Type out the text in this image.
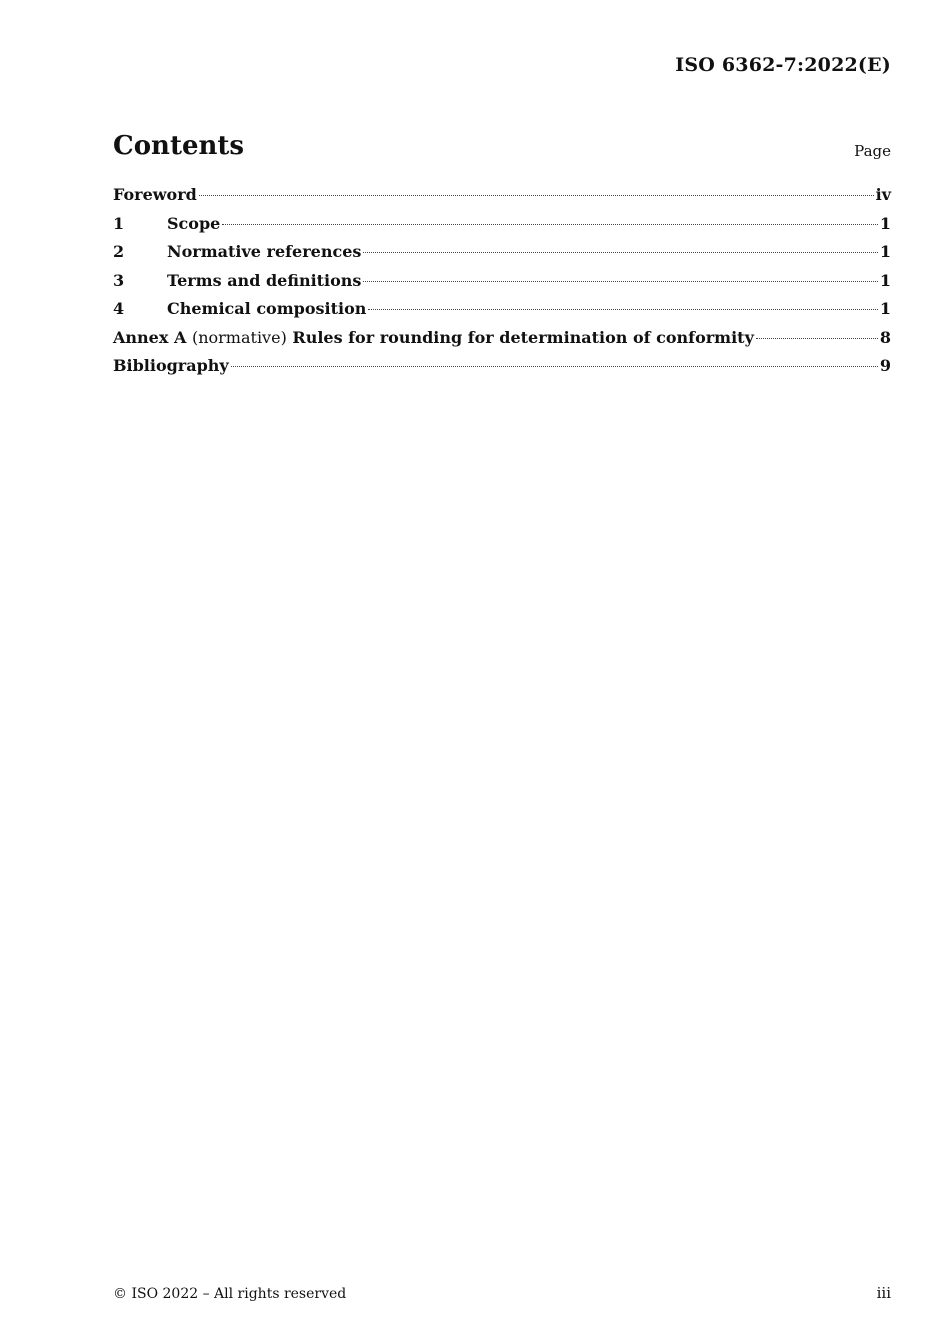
ISO 6362-7:2022(E)
Contents	Page
Foreword	iv
1	Scope	1
2	Normative references	1
3	Terms and definitions	1
4	Chemical composition	1
Annex A (normative) Rules for rounding for determination of conformity	8
Bibliography	9
© ISO 2022 – All rights reserved	iii
